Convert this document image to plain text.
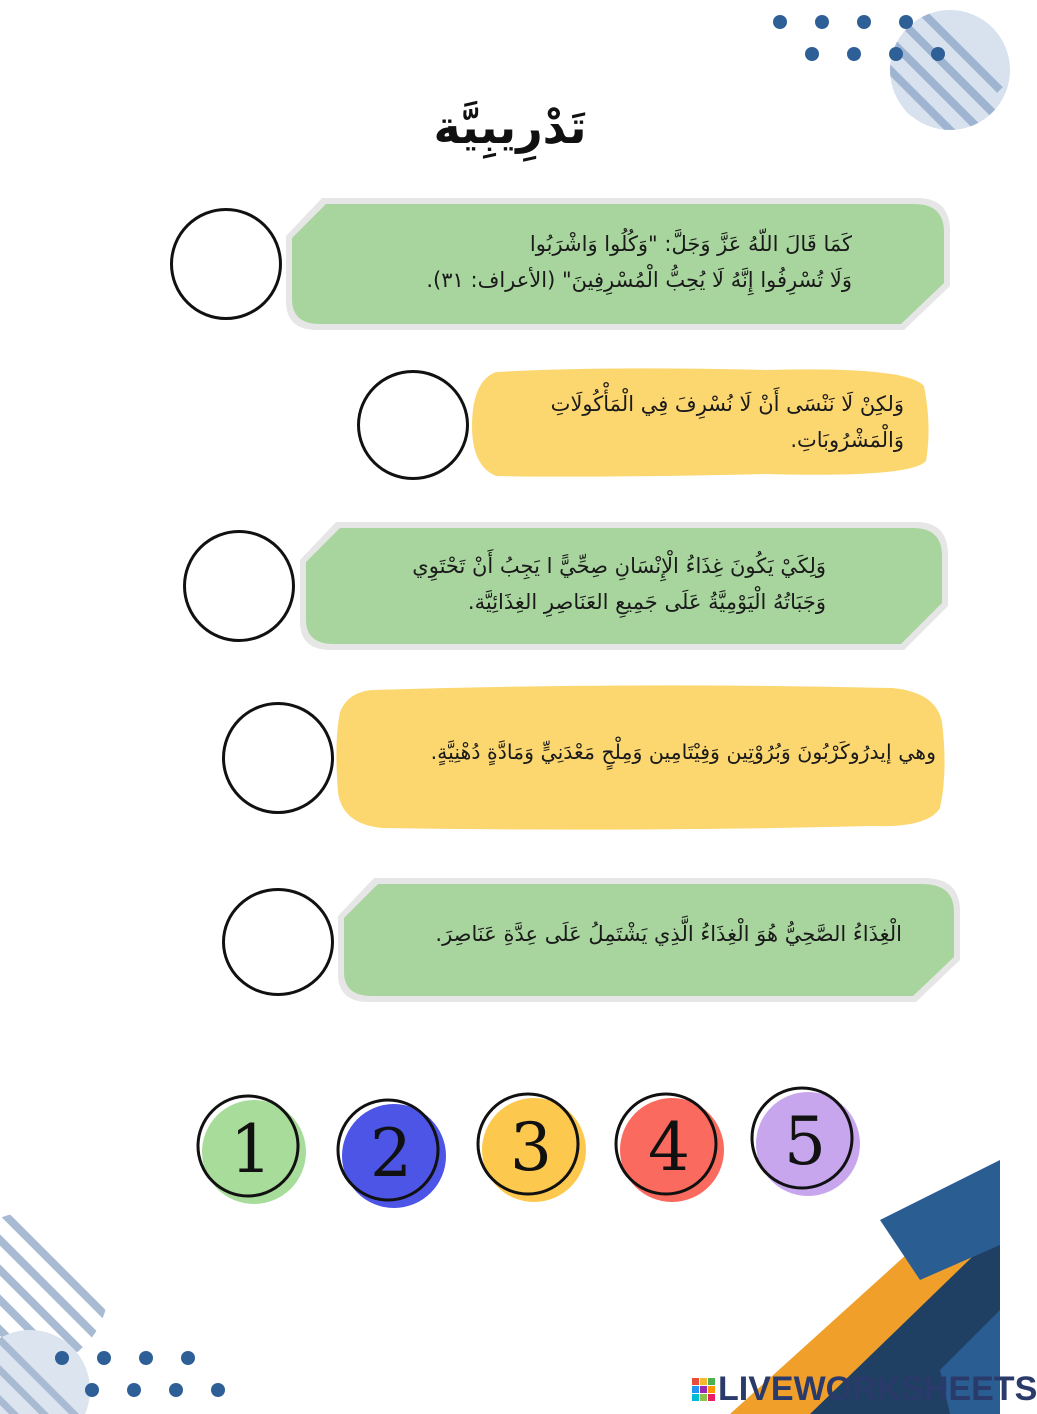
تَدْرِيبِيَّة
كَمَا قَالَ اللّهُ عَزَّ وَجَلَّ: "وَكُلُوا وَاشْرَبُوا
وَلَا تُسْرِفُوا إِنَّهُ لَا يُحِبُّ الْمُسْرِفِينَ" (الأعراف: ٣١).
وَلكِنْ لَا نَنْسَى أَنْ لَا نُسْرِفَ فِي الْمَأْكُولَاتِ
وَالْمَشْرُوبَاتِ.
وَلِكَيْ يَكُونَ غِذَاءُ الْإِنْسَانِ صِحِّيًّ ا يَجِبُ أَنْ تَحْتَوِي
وَجَبَاتُهُ الْيَوْمِيَّةُ عَلَى جَمِيعِ العَنَاصِرِ الغِذَائِيَّة.
وهي إيدرُوكَرْبُونَ وَبُرُوْتِين وَفِيْتَامِين وَمِلْحٍ مَعْدَنِيٍّ وَمَادَّةٍ دُهْنِيَّةٍ.
الْغِذَاءُ الصَّحِيُّ هُوَ الْغِذَاءُ الَّذِي يَشْتَمِلُ عَلَى عِدَّةِ عَنَاصِرَ.
1	2	3	4	5
LIVEWORKSHEETS
